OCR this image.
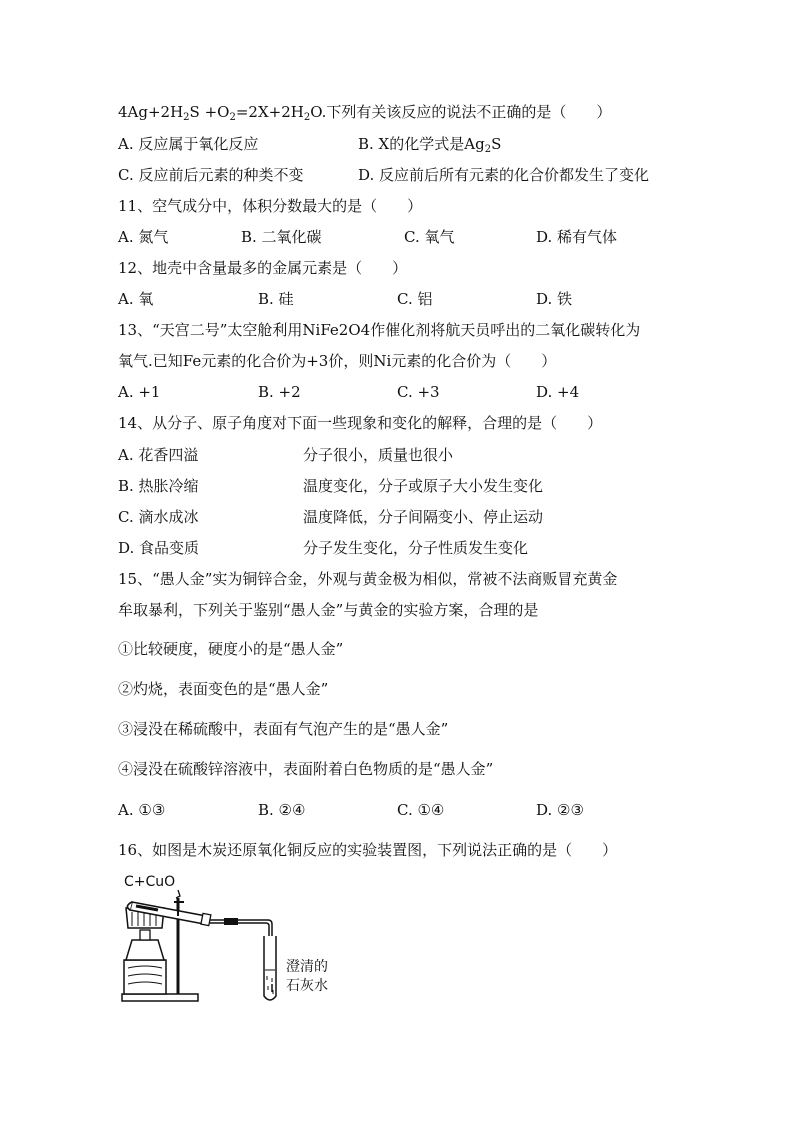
$4Ag+2H_2S +O_2=2X+2H_2O$.下列有关该反应的说法不正确的是（　　）
A. 反应属于氧化反应	B. X的化学式是$Ag_2S$
C. 反应前后元素的种类不变	D. 反应前后所有元素的化合价都发生了变化
11、空气成分中，体积分数最大的是（　　）
A. 氮气	B. 二氧化碳	C. 氧气	D. 稀有气体
12、地壳中含量最多的金属元素是（　　）
A. 氧	B. 硅	C. 铝	D. 铁
13、“天宫二号”太空舱利用NiFe2O4作催化剂将航天员呼出的二氧化碳转化为
氧气.已知Fe元素的化合价为+3价，则Ni元素的化合价为（　　）
A. +1	B. +2	C. +3	D. +4
14、从分子、原子角度对下面一些现象和变化的解释，合理的是（　　）
A. 花香四溢	分子很小，质量也很小
B. 热胀冷缩	温度变化，分子或原子大小发生变化
C. 滴水成冰	温度降低，分子间隔变小、停止运动
D. 食品变质	分子发生变化，分子性质发生变化
15、“愚人金”实为铜锌合金，外观与黄金极为相似，常被不法商贩冒充黄金
牟取暴利，下列关于鉴别“愚人金”与黄金的实验方案，合理的是
①比较硬度，硬度小的是“愚人金”
②灼烧，表面变色的是“愚人金”
③浸没在稀硫酸中，表面有气泡产生的是“愚人金”
④浸没在硫酸锌溶液中，表面附着白色物质的是“愚人金”
A. ①③	B. ②④	C. ①④	D. ②③
16、如图是木炭还原氧化铜反应的实验装置图，下列说法正确的是（　　）
C+CuO
澄清的
石灰水
